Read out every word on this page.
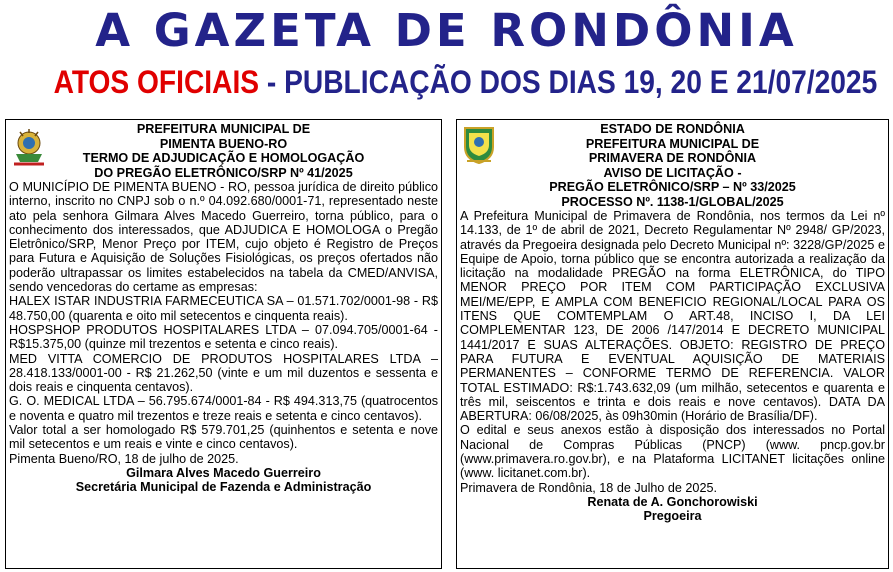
A GAZETA DE RONDÔNIA
ATOS OFICIAIS - PUBLICAÇÃO DOS DIAS 19, 20 E 21/07/2025
PREFEITURA MUNICIPAL DE
PIMENTA BUENO-RO
TERMO DE ADJUDICAÇÃO E HOMOLOGAÇÃO
DO PREGÃO ELETRÔNICO/SRP Nº 41/2025

O MUNICÍPIO DE PIMENTA BUENO - RO, pessoa jurídica de direito público interno, inscrito no CNPJ sob o n.º 04.092.680/0001-71, representado neste ato pela senhora Gilmara Alves Macedo Guerreiro, torna público, para o conhecimento dos interessados, que ADJUDICA E HOMOLOGA o Pregão Eletrônico/SRP, Menor Preço por ITEM, cujo objeto é Registro de Preços para Futura e Aquisição de Soluções Fisiológicas, os preços ofertados não poderão ultrapassar os limites estabelecidos na tabela da CMED/ANVISA, sendo vencedoras do certame as empresas:

HALEX ISTAR INDUSTRIA FARMECEUTICA SA – 01.571.702/0001-98 - R$ 48.750,00 (quarenta e oito mil setecentos e cinquenta reais).

HOSPSHOP PRODUTOS HOSPITALARES LTDA – 07.094.705/0001-64 - R$15.375,00 (quinze mil trezentos e setenta e cinco reais).

MED VITTA COMERCIO DE PRODUTOS HOSPITALARES LTDA – 28.418.133/0001-00 - R$ 21.262,50 (vinte e um mil duzentos e sessenta e dois reais e cinquenta centavos).

G. O. MEDICAL LTDA – 56.795.674/0001-84 - R$ 494.313,75 (quatrocentos e noventa e quatro mil trezentos e treze reais e setenta e cinco centavos).

Valor total a ser homologado R$ 579.701,25 (quinhentos e setenta e nove mil setecentos e um reais e vinte e cinco centavos).

Pimenta Bueno/RO, 18 de julho de 2025.

Gilmara Alves Macedo Guerreiro
Secretária Municipal de Fazenda e Administração
ESTADO DE RONDÔNIA
PREFEITURA MUNICIPAL DE
PRIMAVERA DE RONDÔNIA
AVISO DE LICITAÇÃO -
PREGÃO ELETRÔNICO/SRP – Nº 33/2025
PROCESSO Nº. 1138-1/GLOBAL/2025

A Prefeitura Municipal de Primavera de Rondônia, nos termos da Lei nº 14.133, de 1º de abril de 2021, Decreto Regulamentar Nº 2948/ GP/2023, através da Pregoeira designada pelo Decreto Municipal nº: 3228/GP/2025 e Equipe de Apoio, torna público que se encontra autorizada a realização da licitação na modalidade PREGÃO na forma ELETRÔNICA, do TIPO MENOR PREÇO POR ITEM COM PARTICIPAÇÃO EXCLUSIVA MEI/ME/EPP, E AMPLA COM BENEFICIO REGIONAL/LOCAL PARA OS ITENS QUE COMTEMPLAM O ART.48, INCISO I, DA LEI COMPLEMENTAR 123, DE 2006 /147/2014 E DECRETO MUNICIPAL 1441/2017 E SUAS ALTERAÇÕES. OBJETO: REGISTRO DE PREÇO PARA FUTURA E EVENTUAL AQUISIÇÃO DE MATERIAIS PERMANENTES – CONFORME TERMO DE REFERENCIA. VALOR TOTAL ESTIMADO: R$:1.743.632,09 (um milhão, setecentos e quarenta e três mil, seiscentos e trinta e dois reais e nove centavos). DATA DA ABERTURA: 06/08/2025, às 09h30min (Horário de Brasília/DF).

O edital e seus anexos estão à disposição dos interessados no Portal Nacional de Compras Públicas (PNCP) (www. pncp.gov.br (www.primavera.ro.gov.br), e na Plataforma LICITANET licitações online (www. licitanet.com.br).

Primavera de Rondônia, 18 de Julho de 2025.

Renata de A. Gonchorowiski
Pregoeira
